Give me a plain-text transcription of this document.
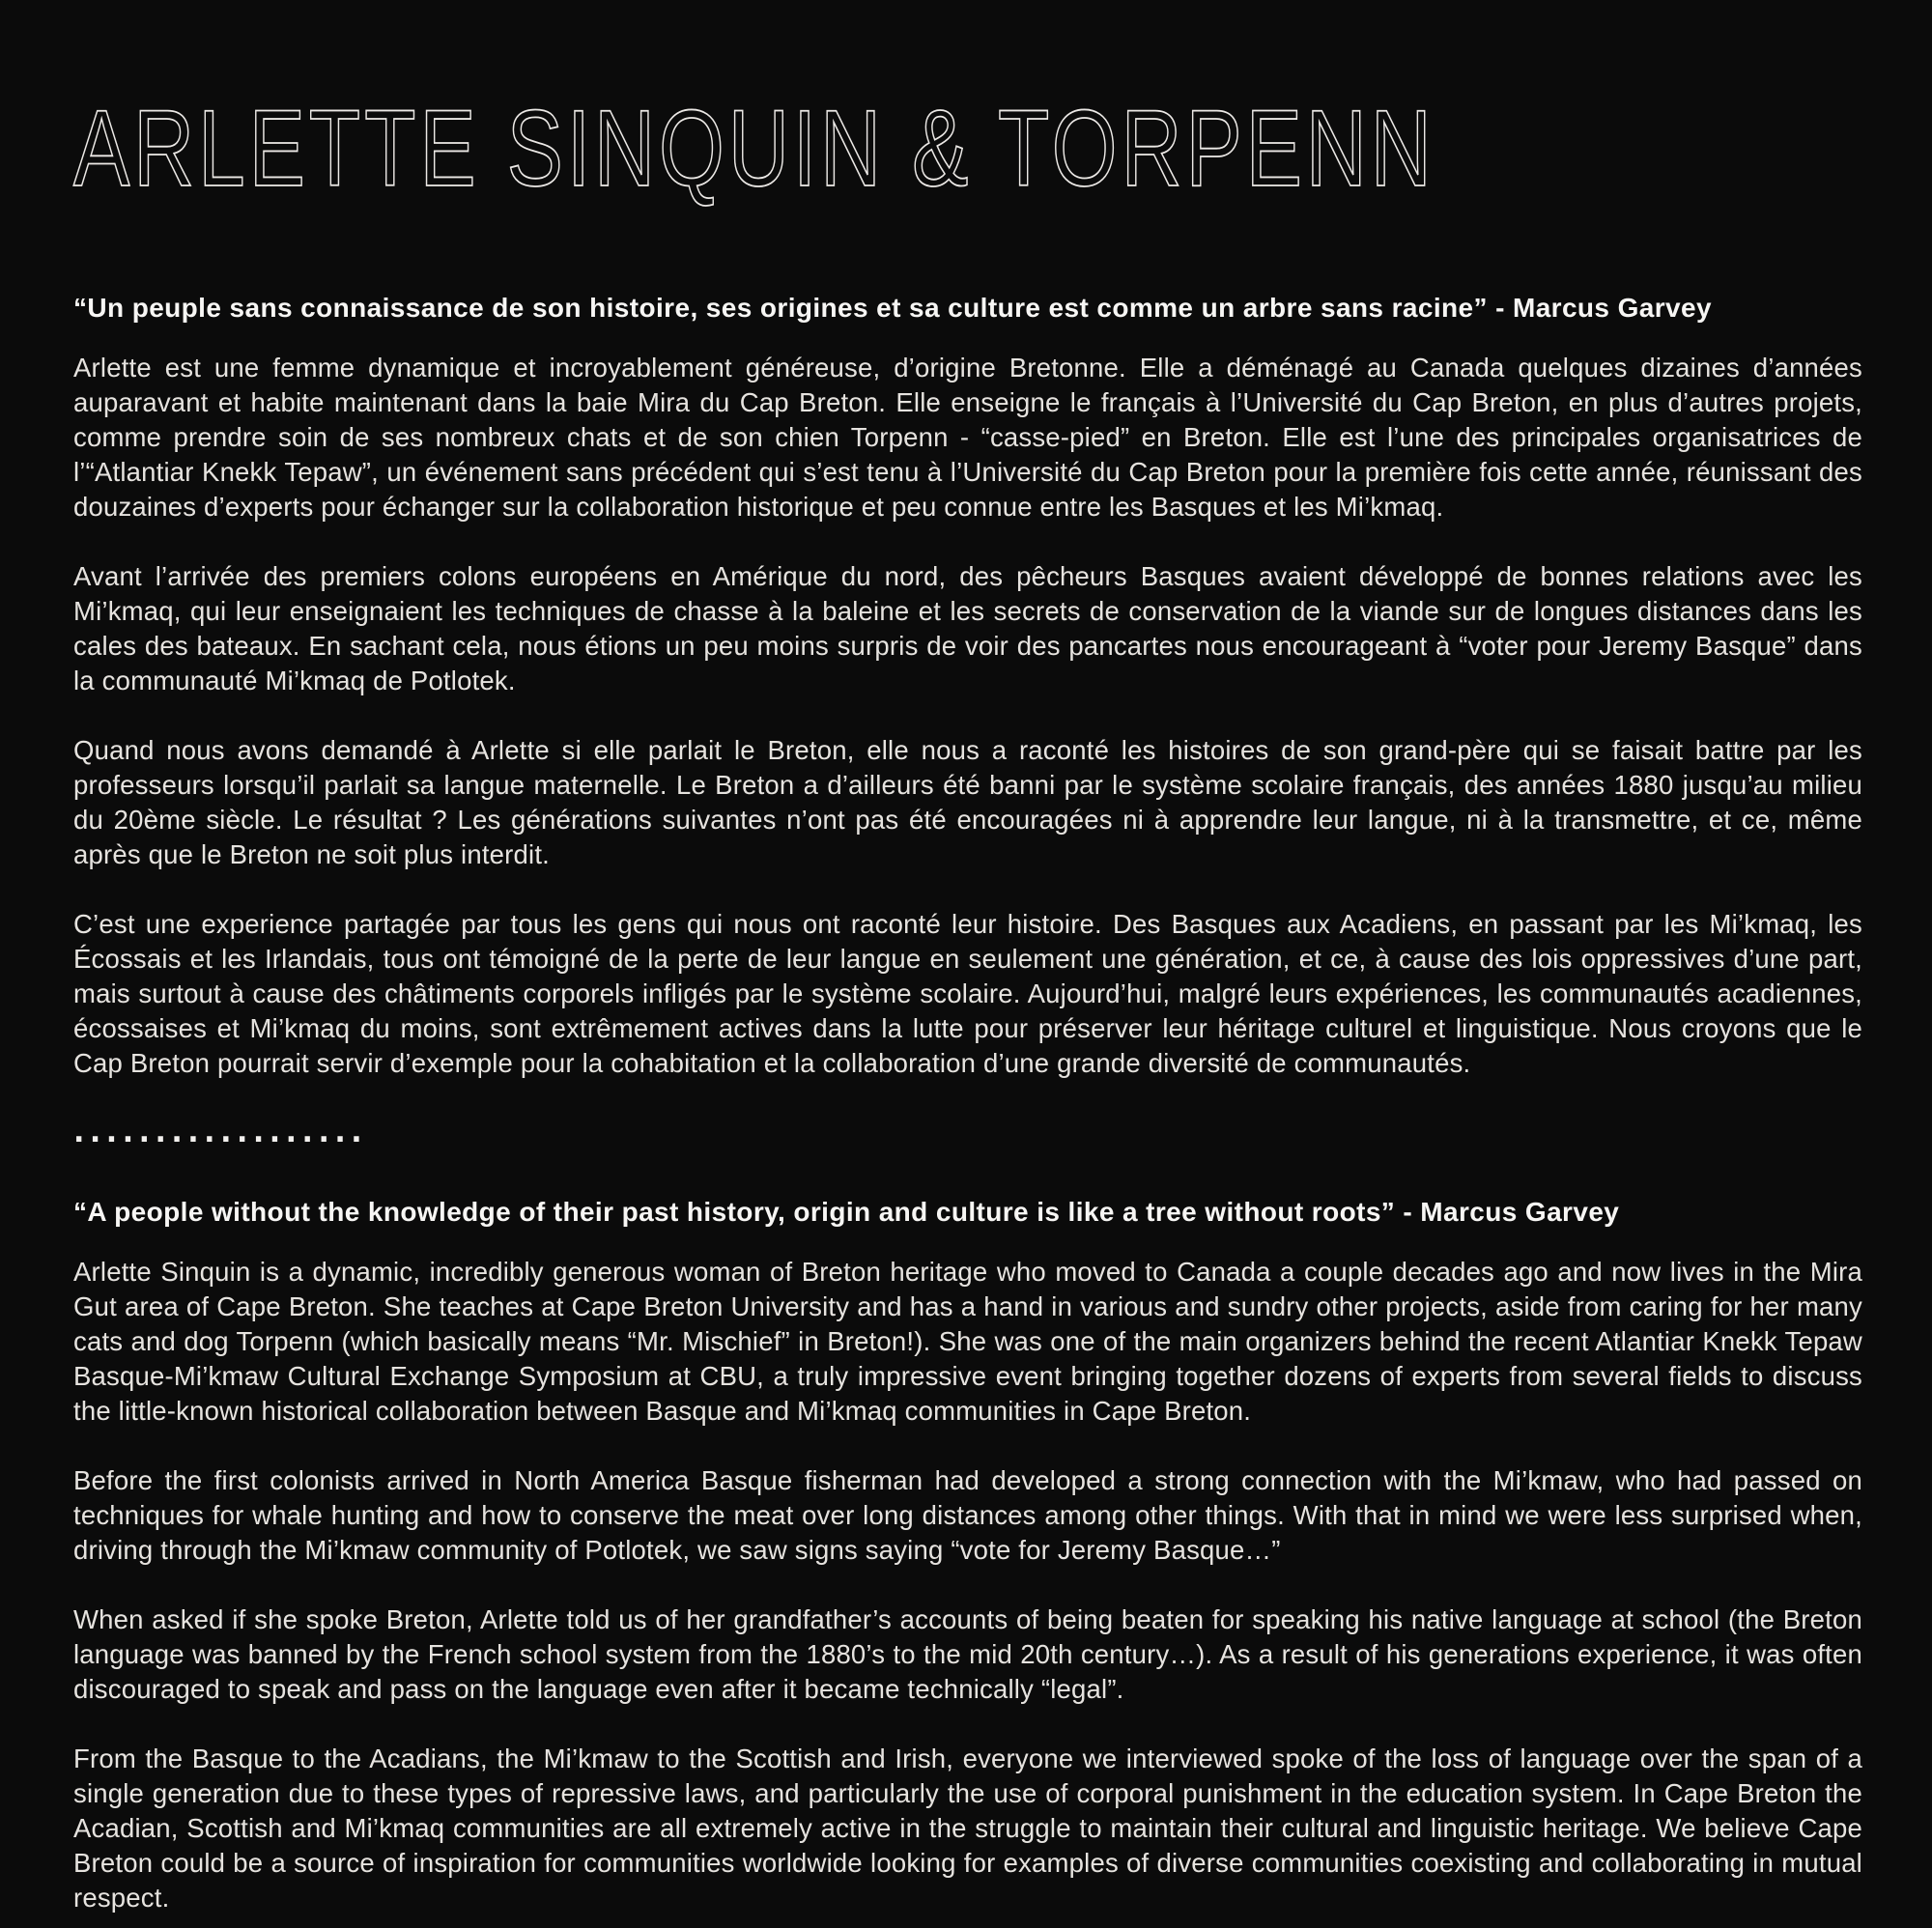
ARLETTE SINQUIN & TORPENN

“Un peuple sans connaissance de son histoire, ses origines et sa culture est comme un arbre sans racine” - Marcus Garvey

Arlette est une femme dynamique et incroyablement généreuse, d’origine Bretonne. Elle a déménagé au Canada quelques dizaines d’années auparavant et habite maintenant dans la baie Mira du Cap Breton. Elle enseigne le français à l’Université du Cap Breton, en plus d’autres projets, comme prendre soin de ses nombreux chats et de son chien Torpenn - “casse-pied” en Breton. Elle est l’une des principales organisatrices de l’“Atlantiar Knekk Tepaw”, un événement sans précédent qui s’est tenu à l’Université du Cap Breton pour la première fois cette année, réunissant des douzaines d’experts pour échanger sur la collaboration historique et peu connue entre les Basques et les Mi’kmaq.

Avant l’arrivée des premiers colons européens en Amérique du nord, des pêcheurs Basques avaient développé de bonnes relations avec les Mi’kmaq, qui leur enseignaient les techniques de chasse à la baleine et les secrets de conservation de la viande sur de longues distances dans les cales des bateaux. En sachant cela, nous étions un peu moins surpris de voir des pancartes nous encourageant à “voter pour Jeremy Basque” dans la communauté Mi’kmaq de Potlotek.

Quand nous avons demandé à Arlette si elle parlait le Breton, elle nous a raconté les histoires de son grand-père qui se faisait battre par les professeurs lorsqu’il parlait sa langue maternelle. Le Breton a d’ailleurs été banni par le système scolaire français, des années 1880 jusqu’au milieu du 20ème siècle. Le résultat ? Les générations suivantes n’ont pas été encouragées ni à apprendre leur langue, ni à la transmettre, et ce, même après que le Breton ne soit plus interdit.

C’est une experience partagée par tous les gens qui nous ont raconté leur histoire. Des Basques aux Acadiens, en passant par les Mi’kmaq, les Écossais et les Irlandais, tous ont témoigné de la perte de leur langue en seulement une génération, et ce, à cause des lois oppressives d’une part, mais surtout à cause des châtiments corporels infligés par le système scolaire. Aujourd’hui, malgré leurs expériences, les communautés acadiennes, écossaises et Mi’kmaq du moins, sont extrêmement actives dans la lutte pour préserver leur héritage culturel et linguistique. Nous croyons que le Cap Breton pourrait servir d’exemple pour la cohabitation et la collaboration d’une grande diversité de communautés.

..................

“A people without the knowledge of their past history, origin and culture is like a tree without roots” - Marcus Garvey

Arlette Sinquin is a dynamic, incredibly generous woman of Breton heritage who moved to Canada a couple decades ago and now lives in the Mira Gut area of Cape Breton. She teaches at Cape Breton University and has a hand in various and sundry other projects, aside from caring for her many cats and dog Torpenn (which basically means “Mr. Mischief” in Breton!). She was one of the main organizers behind the recent Atlantiar Knekk Tepaw Basque-Mi’kmaw Cultural Exchange Symposium at CBU, a truly impressive event bringing together dozens of experts from several fields to discuss the little-known historical collaboration between Basque and Mi’kmaq communities in Cape Breton.

Before the first colonists arrived in North America Basque fisherman had developed a strong connection with the Mi’kmaw, who had passed on techniques for whale hunting and how to conserve the meat over long distances among other things. With that in mind we were less surprised when, driving through the Mi’kmaw community of Potlotek, we saw signs saying “vote for Jeremy Basque…”

When asked if she spoke Breton, Arlette told us of her grandfather’s accounts of being beaten for speaking his native language at school (the Breton language was banned by the French school system from the 1880’s to the mid 20th century…). As a result of his generations experience, it was often discouraged to speak and pass on the language even after it became technically “legal”.

From the Basque to the Acadians, the Mi’kmaw to the Scottish and Irish, everyone we interviewed spoke of the loss of language over the span of a single generation due to these types of repressive laws, and particularly the use of corporal punishment in the education system. In Cape Breton the Acadian, Scottish and Mi’kmaq communities are all extremely active in the struggle to maintain their cultural and linguistic heritage. We believe Cape Breton could be a source of inspiration for communities worldwide looking for examples of diverse communities coexisting and collaborating in mutual respect.
